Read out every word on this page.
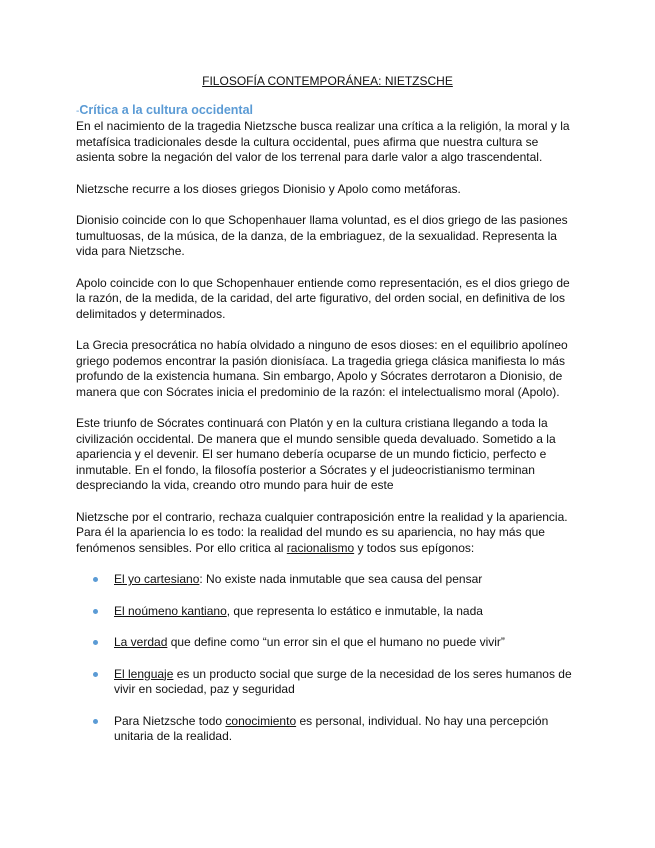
FILOSOFÍA CONTEMPORÁNEA: NIETZSCHE
-Crítica a la cultura occidental

En el nacimiento de la tragedia Nietzsche busca realizar una crítica a la religión, la moral y la metafísica tradicionales desde la cultura occidental, pues afirma que nuestra cultura se asienta sobre la negación del valor de los terrenal para darle valor a algo trascendental.

Nietzsche recurre a los dioses griegos Dionisio y Apolo como metáforas.

Dionisio coincide con lo que Schopenhauer llama voluntad, es el dios griego de las pasiones tumultuosas, de la música, de la danza, de la embriaguez, de la sexualidad. Representa la vida para Nietzsche.

Apolo coincide con lo que Schopenhauer entiende como representación, es el dios griego de la razón, de la medida, de la caridad, del arte figurativo, del orden social, en definitiva de los delimitados y determinados.

La Grecia presocrática no había olvidado a ninguno de esos dioses: en el equilibrio apolíneo griego podemos encontrar la pasión dionisíaca. La tragedia griega clásica manifiesta lo más profundo de la existencia humana. Sin embargo, Apolo y Sócrates derrotaron a Dionisio, de manera que con Sócrates inicia el predominio de la razón: el intelectualismo moral (Apolo).

Este triunfo de Sócrates continuará con Platón y en la cultura cristiana llegando a toda la civilización occidental. De manera que el mundo sensible queda devaluado. Sometido a la apariencia y el devenir. El ser humano debería ocuparse de un mundo ficticio, perfecto e inmutable. En el fondo, la filosofía posterior a Sócrates y el judeocristianismo terminan despreciando la vida, creando otro mundo para huir de este

Nietzsche por el contrario, rechaza cualquier contraposición entre la realidad y la apariencia. Para él la apariencia lo es todo: la realidad del mundo es su apariencia, no hay más que fenómenos sensibles. Por ello critica al racionalismo y todos sus epígonos:

El yo cartesiano: No existe nada inmutable que sea causa del pensar
El noúmeno kantiano, que representa lo estático e inmutable, la nada
La verdad que define como “un error sin el que el humano no puede vivir”
El lenguaje es un producto social que surge de la necesidad de los seres humanos de vivir en sociedad, paz y seguridad
Para Nietzsche todo conocimiento es personal, individual. No hay una percepción unitaria de la realidad.
